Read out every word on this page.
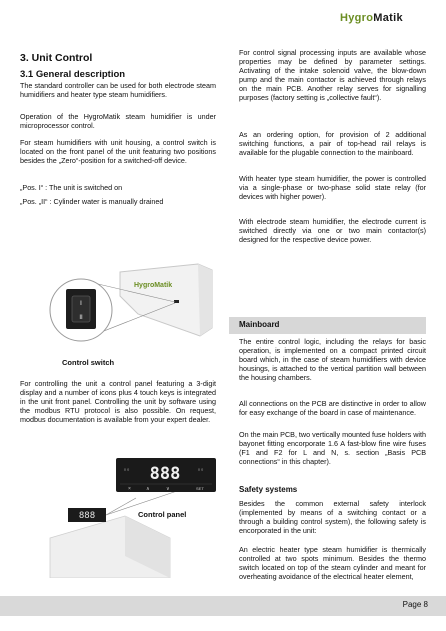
HygroMatik
3. Unit Control
3.1 General description
The standard controller can be used for both electrode steam humidifiers and heater type steam humidifiers.
Operation of the HygroMatik steam humidifier is under microprocessor control.
For steam humidifiers with unit housing, a control switch is located on the front panel of the unit featuring two positions besides the „Zero“-position for a switched-off device.
„Pos. I“ : The unit is switched on
„Pos. „II“ : Cylinder water is manually drained
HygroMatik
I
II
Control switch
For controlling the unit a control panel featuring a 3-digit display and a number of icons plus 4 touch keys is integrated in the unit front panel. Controlling the unit by software using the modbus RTU protocol is also possible. On request, modbus documentation is available from your expert dealer.
888
888
◊ ◊	◊ ◊
×	∧	∨	SET
Control panel
For control signal processing inputs are available whose properties may be defined by parameter settings. Activating of the intake solenoid valve, the blow-down pump and the main contactor is achieved through relays on the main PCB. Another relay serves for signalling purposes (factory setting is „collective fault“).
As an ordering option, for provision of 2 additional switching functions, a pair of top-head rail relays is available for the plugable connection to the mainboard.
With heater type steam humidifier, the power is controlled via a single-phase or two-phase solid state relay (for devices with higher power).
With electrode steam humidifier, the electrode current is switched directly via one or two main contactor(s) designed for the respective device power.
Mainboard
The entire control logic, including the relays for basic operation, is implemented on a compact printed circuit board which, in the case of steam humidifiers with device housings, is attached to the vertical partition wall between the housing chambers.
All connections on the PCB are distinctive in order to allow for easy exchange of the board in case of maintenance.
On the main PCB, two vertically mounted fuse holders with bayonet fitting encorporate 1.6 A fast-blow fine wire fuses (F1 and F2 for L and N, s. section „Basis PCB connections“ in this chapter).
Safety systems
Besides the common external safety interlock (implemented by means of a switching contact or a through a building control system), the following safety is encorporated in the unit:
An electric heater type steam humidifier is thermically controlled at two spots minimum. Besides the thermo switch located on top of the steam cylinder and meant for overheating avoidance of the electrical heater element,
Page 8
